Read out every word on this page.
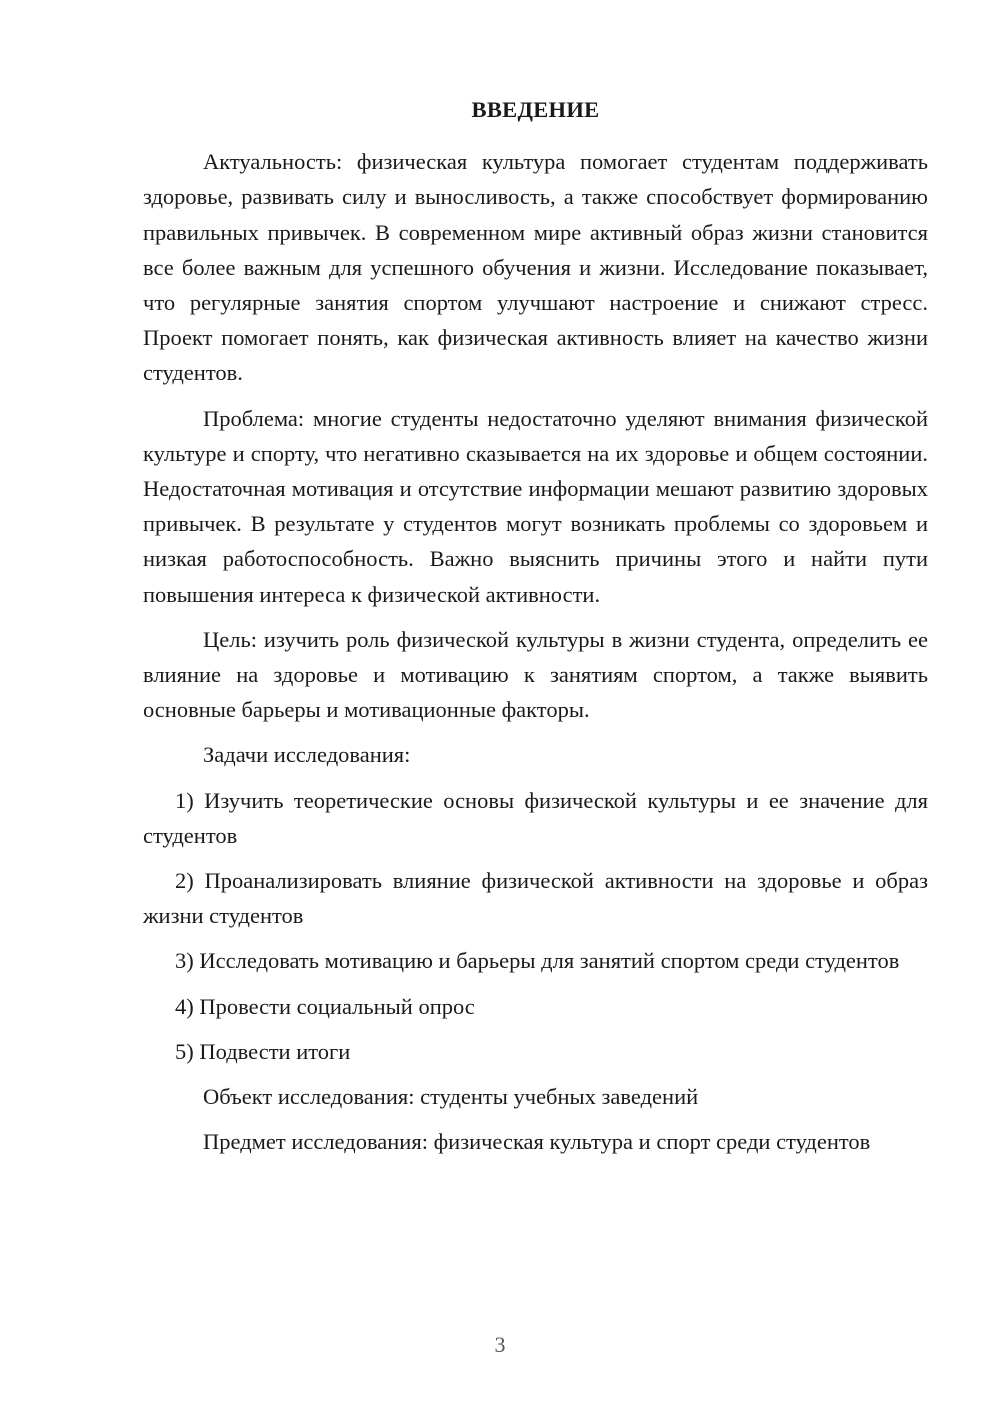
ВВЕДЕНИЕ

Актуальность: физическая культура помогает студентам поддерживать здоровье, развивать силу и выносливость, а также способствует формированию правильных привычек. В современном мире активный образ жизни становится все более важным для успешного обучения и жизни. Исследование показывает, что регулярные занятия спортом улучшают настроение и снижают стресс. Проект помогает понять, как физическая активность влияет на качество жизни студентов.

Проблема: многие студенты недостаточно уделяют внимания физической культуре и спорту, что негативно сказывается на их здоровье и общем состоянии. Недостаточная мотивация и отсутствие информации мешают развитию здоровых привычек. В результате у студентов могут возникать проблемы со здоровьем и низкая работоспособность. Важно выяснить причины этого и найти пути повышения интереса к физической активности.

Цель: изучить роль физической культуры в жизни студента, определить ее влияние на здоровье и мотивацию к занятиям спортом, а также выявить основные барьеры и мотивационные факторы.

Задачи исследования:

1) Изучить теоретические основы физической культуры и ее значение для студентов

2) Проанализировать влияние физической активности на здоровье и образ жизни студентов

3) Исследовать мотивацию и барьеры для занятий спортом среди студентов

4) Провести социальный опрос

5) Подвести итоги

Объект исследования: студенты учебных заведений

Предмет исследования: физическая культура и спорт среди студентов

3
